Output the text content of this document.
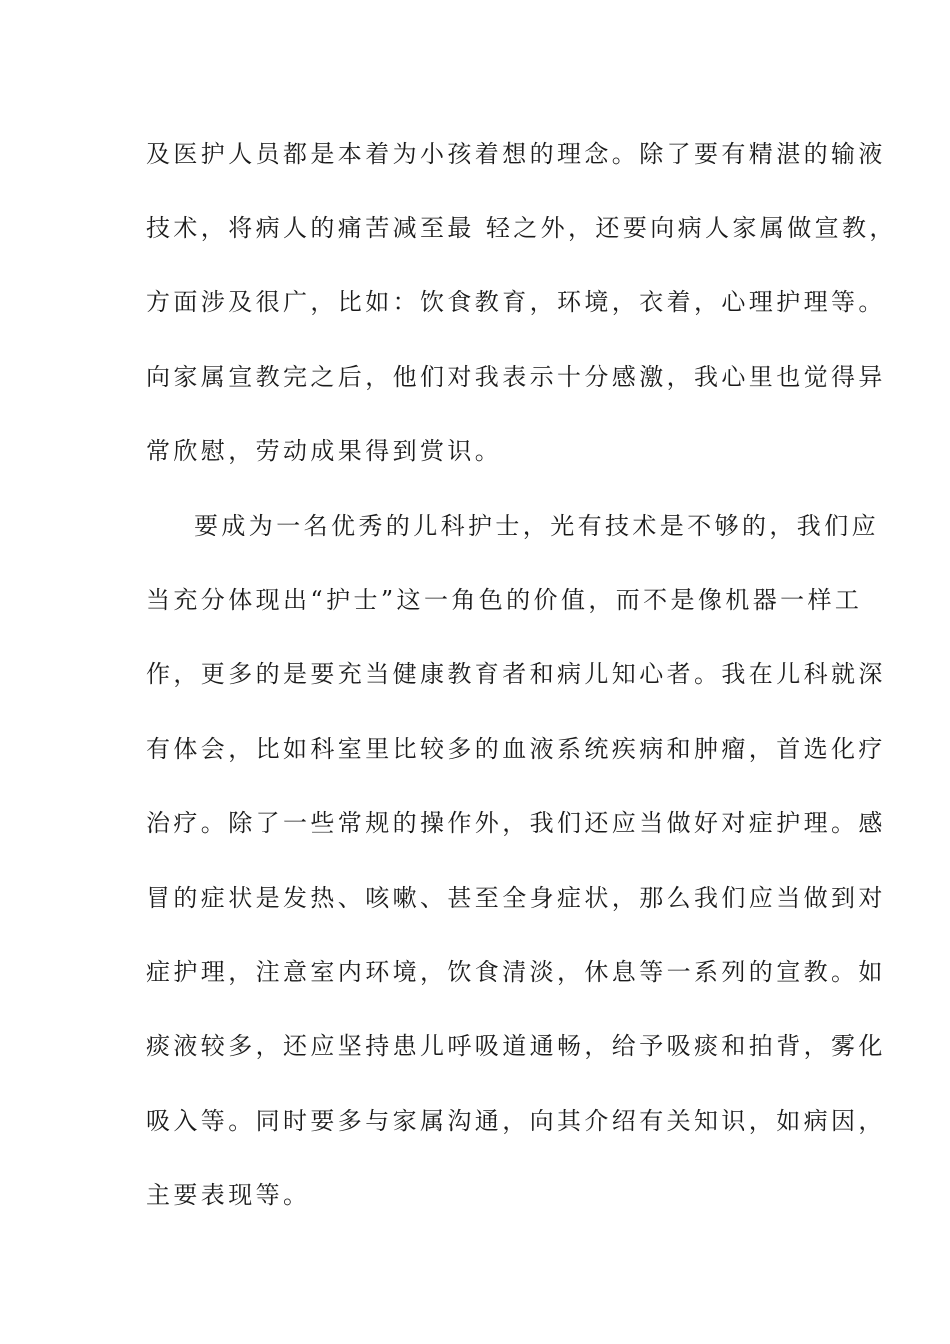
及医护人员都是本着为小孩着想的理念。除了要有精湛的输液
技术，将病人的痛苦减至最 轻之外，还要向病人家属做宣教，
方面涉及很广，比如：饮食教育，环境，衣着，心理护理等。
向家属宣教完之后，他们对我表示十分感激，我心里也觉得异
常欣慰，劳动成果得到赏识。
要成为一名优秀的儿科护士，光有技术是不够的，我们应
当充分体现出“护士”这一角色的价值，而不是像机器一样工
作，更多的是要充当健康教育者和病儿知心者。我在儿科就深
有体会，比如科室里比较多的血液系统疾病和肿瘤，首选化疗
治疗。除了一些常规的操作外，我们还应当做好对症护理。感
冒的症状是发热、咳嗽、甚至全身症状，那么我们应当做到对
症护理，注意室内环境，饮食清淡，休息等一系列的宣教。如
痰液较多，还应坚持患儿呼吸道通畅，给予吸痰和拍背，雾化
吸入等。同时要多与家属沟通，向其介绍有关知识，如病因，
主要表现等。
